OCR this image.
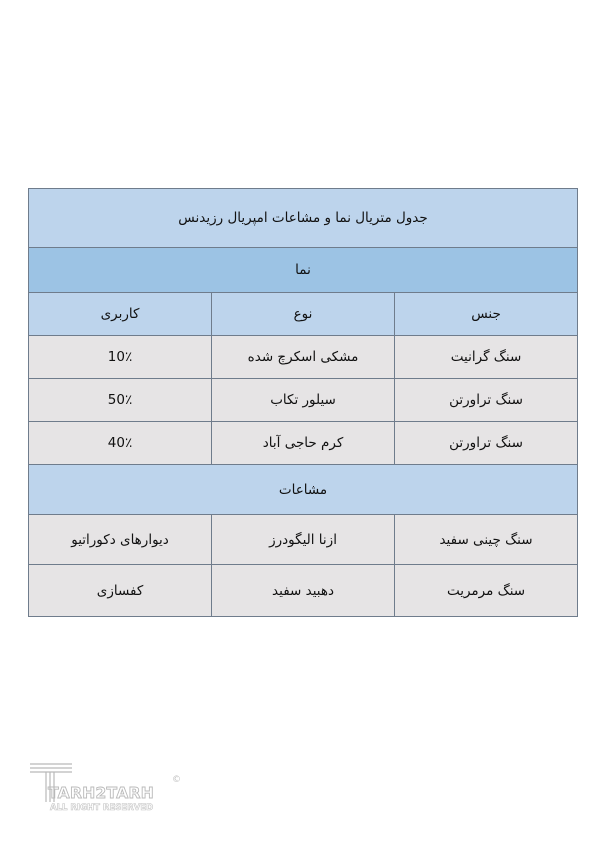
جدول متریال نما و مشاعات امپریال رزیدنس		
نما		
جنس	نوع	کاربری
سنگ گرانیت	مشکی اسکرچ شده	10٪
سنگ تراورتن	سیلور تکاب	50٪
سنگ تراورتن	کرم حاجی آباد	40٪
مشاعات		
سنگ چینی سفید	ازنا الیگودرز	دیوارهای دکوراتیو
سنگ مرمریت	دهبید سفید	کفسازی
TARH2TARH
©
ALL RIGHT RESERVED
